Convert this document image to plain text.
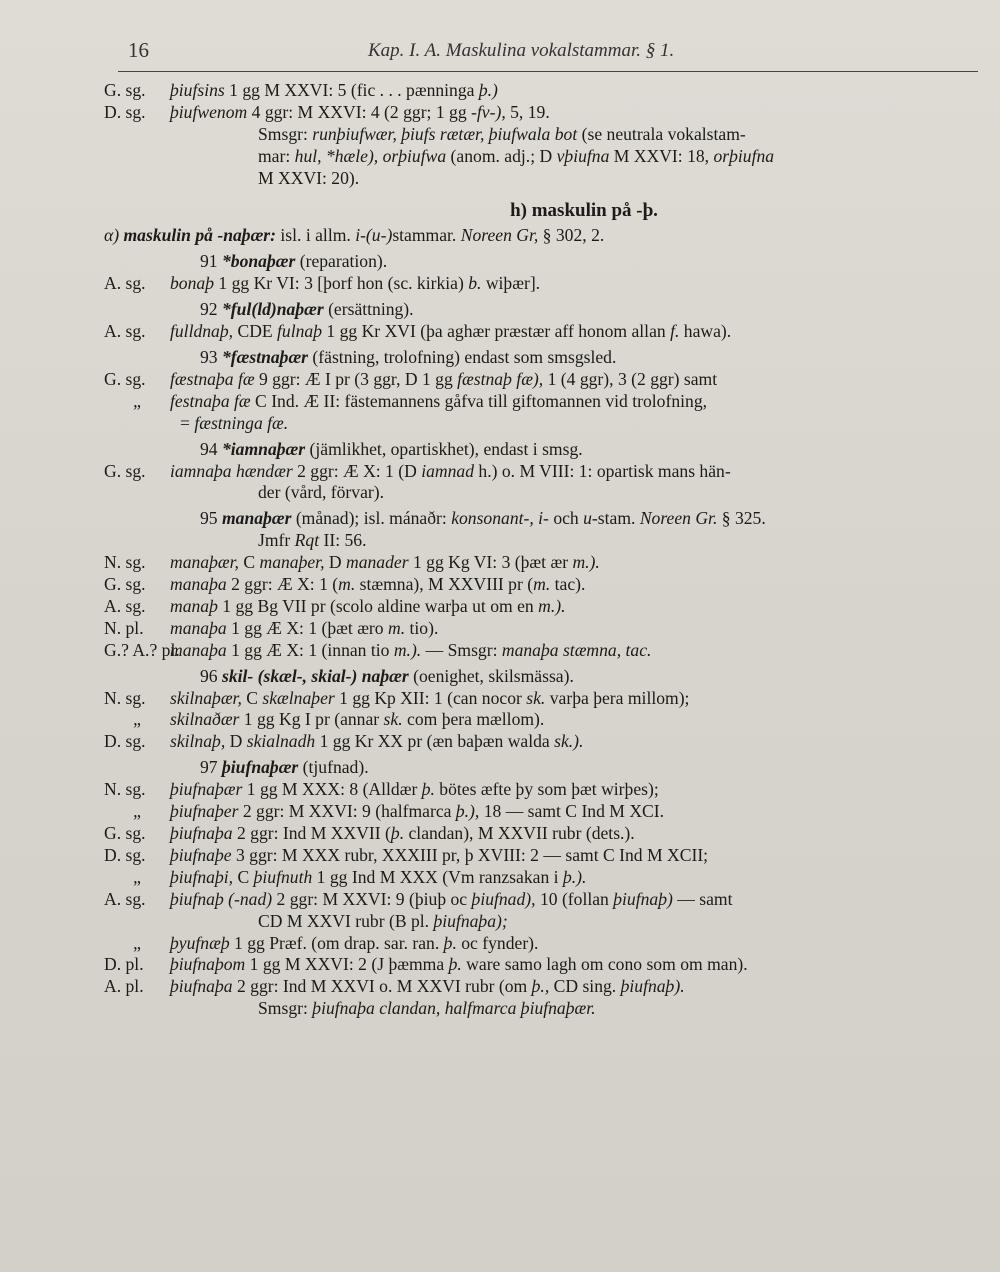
16	Kap. I. A. Maskulina vokalstammar. § 1.
G. sg. þiufsins 1 gg M XXVI: 5 (fic . . . pænninga þ.)
D. sg. þiufwenom 4 ggr: M XXVI: 4 (2 ggr; 1 gg -fv-), 5, 19.
Smsgr: runþiufwær, þiufs rætær, þiufwala bot (se neutrala vokalstam-
mar: hul, *hæle), orþiufwa (anom. adj.; D vþiufna M XXVI: 18, orþiufna
M XXVI: 20).
h) maskulin på -þ.
α) maskulin på -naþær: isl. i allm. i-(u-)stammar. Noreen Gr, § 302, 2.
91 *bonaþær (reparation).
A. sg. bonaþ 1 gg Kr VI: 3 [þorf hon (sc. kirkia) b. wiþær].
92 *ful(ld)naþær (ersättning).
A. sg. fulldnaþ, CDE fulnaþ 1 gg Kr XVI (þa aghær præstær aff honom allan f. hawa).
93 *fæstnaþær (fästning, trolofning) endast som smsgsled.
G. sg. fæstnaþa fæ 9 ggr: Æ I pr (3 ggr, D 1 gg fæstnaþ fæ), 1 (4 ggr), 3 (2 ggr) samt
„ festnaþa fæ C Ind. Æ II: fästemannens gåfva till giftomannen vid trolofning,
= fæstninga fæ.
94 *iamnaþær (jämlikhet, opartiskhet), endast i smsg.
G. sg. iamnaþa hændær 2 ggr: Æ X: 1 (D iamnad h.) o. M VIII: 1: opartisk mans hän-
der (vård, förvar).
95 manaþær (månad); isl. mánaðr: konsonant-, i- och u-stam. Noreen Gr. § 325.
Jmfr Rqt II: 56.
N. sg. manaþær, C manaþer, D manader 1 gg Kg VI: 3 (þæt ær m.).
G. sg. manaþa 2 ggr: Æ X: 1 (m. stæmna), M XXVIII pr (m. tac).
A. sg. manaþ 1 gg Bg VII pr (scolo aldine warþa ut om en m.).
N. pl. manaþa 1 gg Æ X: 1 (þæt æro m. tio).
G.? A.? pl.manaþa 1 gg Æ X: 1 (innan tio m.). — Smsgr: manaþa stæmna, tac.
96 skil- (skæl-, skial-) naþær (oenighet, skilsmässa).
N. sg. skilnaþær, C skælnaþer 1 gg Kp XII: 1 (can nocor sk. varþa þera millom);
„ skilnaðær 1 gg Kg I pr (annar sk. com þera mællom).
D. sg. skilnaþ, D skialnadh 1 gg Kr XX pr (æn baþæn walda sk.).
97 þiufnaþær (tjufnad).
N. sg. þiufnaþær 1 gg M XXX: 8 (Alldær þ. bötes æfte þy som þæt wirþes);
„ þiufnaþer 2 ggr: M XXVI: 9 (halfmarca þ.), 18 — samt C Ind M XCI.
G. sg. þiufnaþa 2 ggr: Ind M XXVII (þ. clandan), M XXVII rubr (dets.).
D. sg. þiufnaþe 3 ggr: M XXX rubr, XXXIII pr, þ XVIII: 2 — samt C Ind M XCII;
„ þiufnaþi, C þiufnuth 1 gg Ind M XXX (Vm ranzsakan i þ.).
A. sg. þiufnaþ (-nad) 2 ggr: M XXVI: 9 (þiuþ oc þiufnad), 10 (follan þiufnaþ) — samt
CD M XXVI rubr (B pl. þiufnaþa);
„ þyufnæþ 1 gg Præf. (om drap. sar. ran. þ. oc fynder).
D. pl. þiufnaþom 1 gg M XXVI: 2 (J þæmma þ. ware samo lagh om cono som om man).
A. pl. þiufnaþa 2 ggr: Ind M XXVI o. M XXVI rubr (om þ., CD sing. þiufnaþ).
Smsgr: þiufnaþa clandan, halfmarca þiufnaþær.
